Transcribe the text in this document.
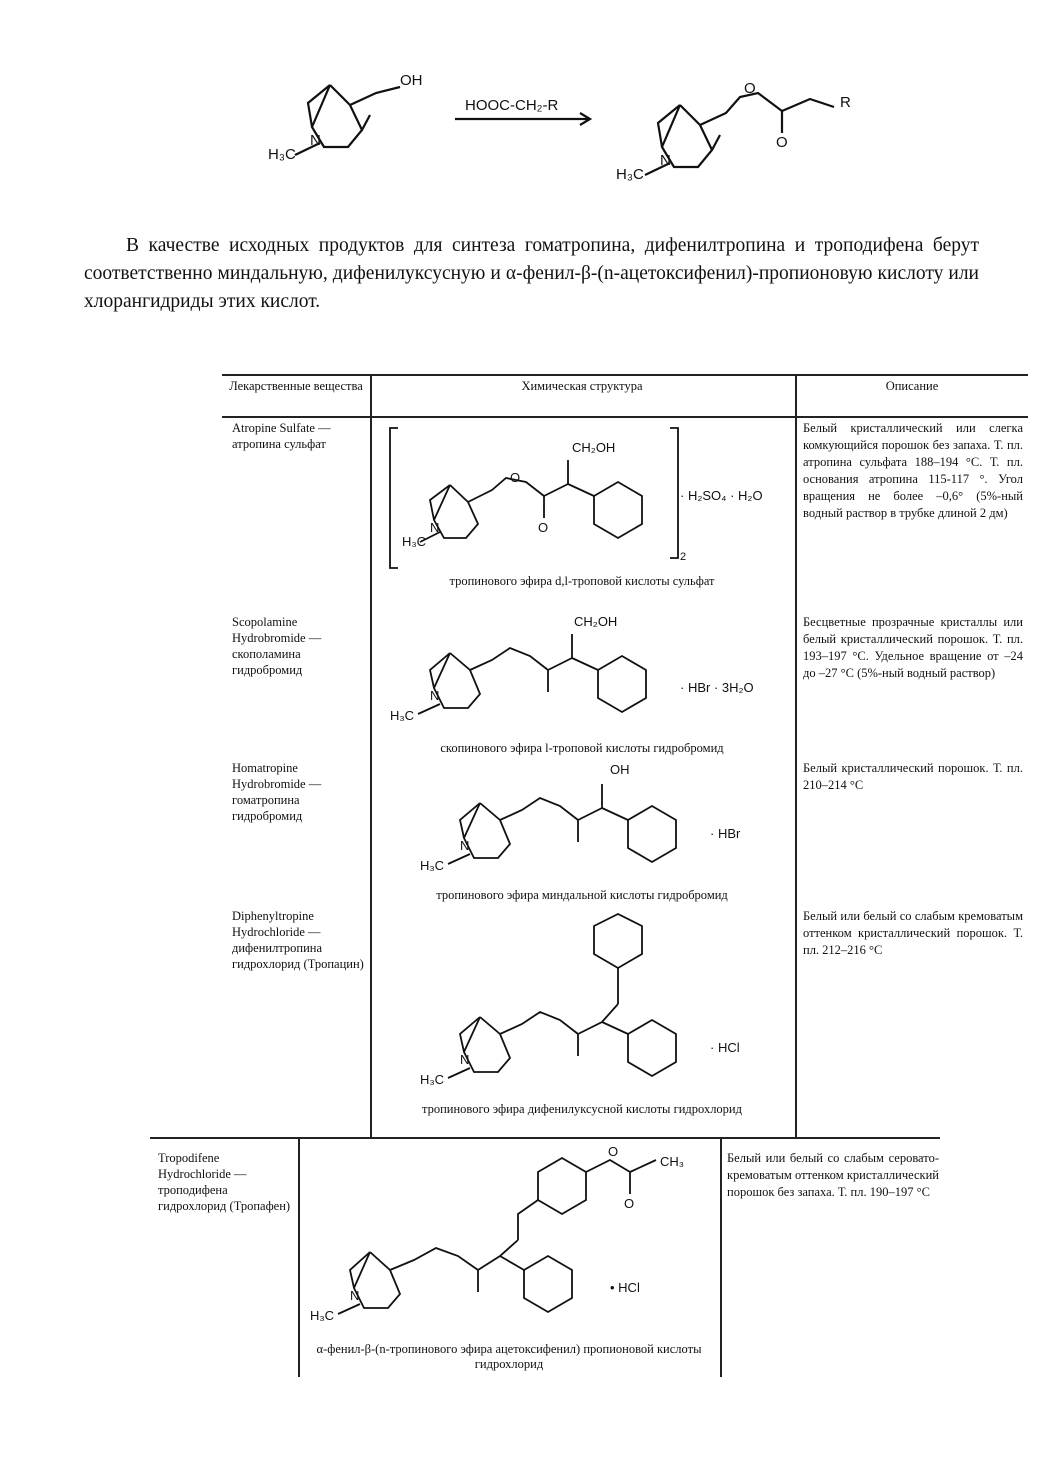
OH
N
H₃C
HOOC-CH₂-R
O
O
R
N
H₃C

В качестве исходных продуктов для синтеза гоматропина, дифенилтропина и троподифена берут соответственно миндальную, дифенилуксусную и α-фенил-β-(n-ацетоксифенил)-пропионовую кислоту или хлорангидриды этих кислот.

Лекарственные вещества	Химическая структура	Описание
Atropine Sulfate — атропина сульфат
Белый кристаллический или слегка комкующийся порошок без запаха. Т. пл. атропина сульфата 188–194 °С. Т. пл. основания атропина 115-117 °. Угол вращения не более –0,6° (5%-ный водный раствор в трубке длиной 2 дм)
CH₂OH
N
H₃C
O
O
· H₂SO₄ · H₂O
2
тропинового эфира d,l-троповой кислоты сульфат
Scopolamine Hydrobromide — скополамина гидробромид
Бесцветные прозрачные кристаллы или белый кристаллический порошок. Т. пл. 193–197 °С. Удельное вращение от –24 до –27 °С (5%-ный водный раствор)
CH₂OH
N
H₃C
· HBr · 3H₂O
скопинового эфира l-троповой кислоты гидробромид
Homatropine Hydrobromide — гоматропина гидробромид
Белый кристаллический порошок. Т. пл. 210–214 °С
OH
N
H₃C
· HBr
тропинового эфира миндальной кислоты гидробромид
Diphenyltropine Hydrochloride — дифенилтропина гидрохлорид (Тропацин)
Белый или белый со слабым кремоватым оттенком кристаллический порошок. Т. пл. 212–216 °С
N
H₃C
· HCl
тропинового эфира дифенилуксусной кислоты гидрохлорид
Tropodifene Hydrochloride — троподифена гидрохлорид (Тропафен)
Белый или белый со слабым серовато-кремоватым оттенком кристаллический порошок без запаха. Т. пл. 190–197 °С
O
O
CH₃
N
H₃C
• HCl
α-фенил-β-(n-тропинового эфира ацетоксифенил) пропионовой кислоты гидрохлорид
